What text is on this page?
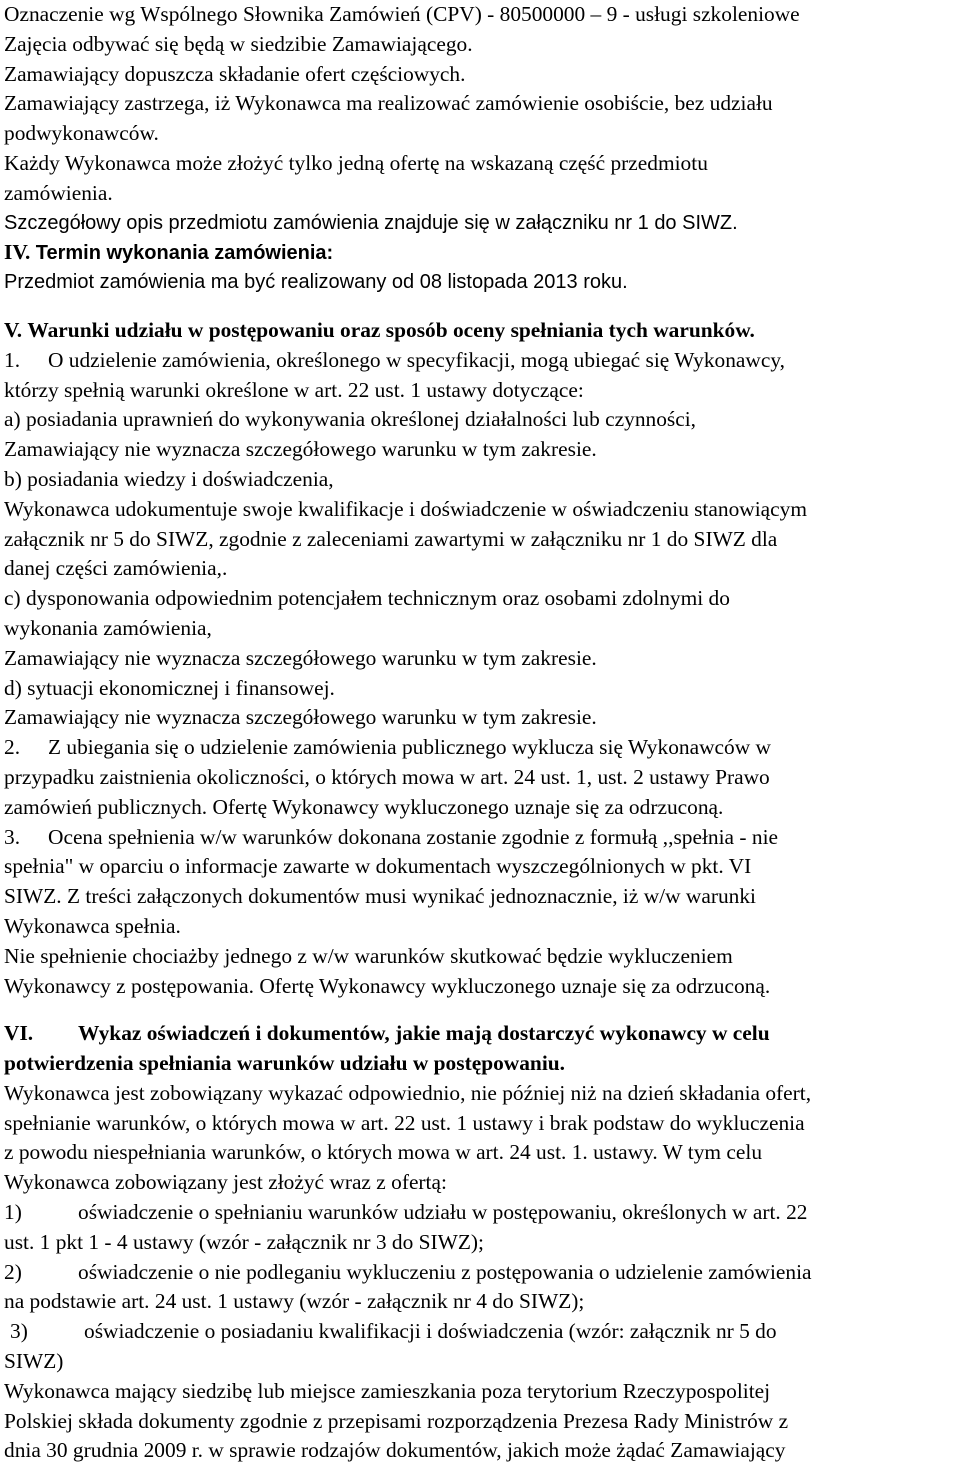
Oznaczenie wg Wspólnego Słownika Zamówień (CPV) - 80500000 – 9 - usługi szkoleniowe
Zajęcia odbywać się będą w siedzibie Zamawiającego.
Zamawiający dopuszcza składanie ofert częściowych.
Zamawiający zastrzega, iż Wykonawca ma realizować zamówienie osobiście, bez udziału
podwykonawców.
Każdy Wykonawca może złożyć tylko jedną ofertę na wskazaną część przedmiotu
zamówienia.
Szczegółowy opis przedmiotu zamówienia znajduje się w załączniku nr 1 do SIWZ.
IV. Termin wykonania zamówienia:
Przedmiot zamówienia ma być realizowany od 08 listopada 2013 roku.
V. Warunki udziału w postępowaniu oraz sposób oceny spełniania tych warunków.
1. O udzielenie zamówienia, określonego w specyfikacji, mogą ubiegać się Wykonawcy,
którzy spełnią warunki określone w art. 22 ust. 1 ustawy dotyczące:
a) posiadania uprawnień do wykonywania określonej działalności lub czynności,
Zamawiający nie wyznacza szczegółowego warunku w tym zakresie.
b) posiadania wiedzy i doświadczenia,
Wykonawca udokumentuje swoje kwalifikacje i doświadczenie w oświadczeniu stanowiącym
załącznik nr 5 do SIWZ, zgodnie z zaleceniami zawartymi w załączniku nr 1 do SIWZ dla
danej części zamówienia,.
c) dysponowania odpowiednim potencjałem technicznym oraz osobami zdolnymi do
wykonania zamówienia,
Zamawiający nie wyznacza szczegółowego warunku w tym zakresie.
d) sytuacji ekonomicznej i finansowej.
Zamawiający nie wyznacza szczegółowego warunku w tym zakresie.
2. Z ubiegania się o udzielenie zamówienia publicznego wyklucza się Wykonawców w
przypadku zaistnienia okoliczności, o których mowa w art. 24 ust. 1, ust. 2 ustawy Prawo
zamówień publicznych. Ofertę Wykonawcy wykluczonego uznaje się za odrzuconą.
3. Ocena spełnienia w/w warunków dokonana zostanie zgodnie z formułą ,,spełnia - nie
spełnia" w oparciu o informacje zawarte w dokumentach wyszczególnionych w pkt. VI
SIWZ. Z treści załączonych dokumentów musi wynikać jednoznacznie, iż w/w warunki
Wykonawca spełnia.
Nie spełnienie chociażby jednego z w/w warunków skutkować będzie wykluczeniem
Wykonawcy z postępowania. Ofertę Wykonawcy wykluczonego uznaje się za odrzuconą.
VI. Wykaz oświadczeń i dokumentów, jakie mają dostarczyć wykonawcy w celu
potwierdzenia spełniania warunków udziału w postępowaniu.
Wykonawca jest zobowiązany wykazać odpowiednio, nie później niż na dzień składania ofert,
spełnianie warunków, o których mowa w art. 22 ust. 1 ustawy i brak podstaw do wykluczenia
z powodu niespełniania warunków, o których mowa w art. 24 ust. 1. ustawy. W tym celu
Wykonawca zobowiązany jest złożyć wraz z ofertą:
1)	oświadczenie o spełnianiu warunków udziału w postępowaniu, określonych w art. 22
ust. 1 pkt 1 - 4 ustawy (wzór - załącznik nr 3 do SIWZ);
2)	oświadczenie o nie podleganiu wykluczeniu z postępowania o udzielenie zamówienia
na podstawie art. 24 ust. 1 ustawy (wzór - załącznik nr 4 do SIWZ);
3)	oświadczenie o posiadaniu kwalifikacji i doświadczenia (wzór: załącznik nr 5 do
SIWZ)
Wykonawca mający siedzibę lub miejsce zamieszkania poza terytorium Rzeczypospolitej
Polskiej składa dokumenty zgodnie z przepisami rozporządzenia Prezesa Rady Ministrów z
dnia 30 grudnia 2009 r. w sprawie rodzajów dokumentów, jakich może żądać Zamawiający
